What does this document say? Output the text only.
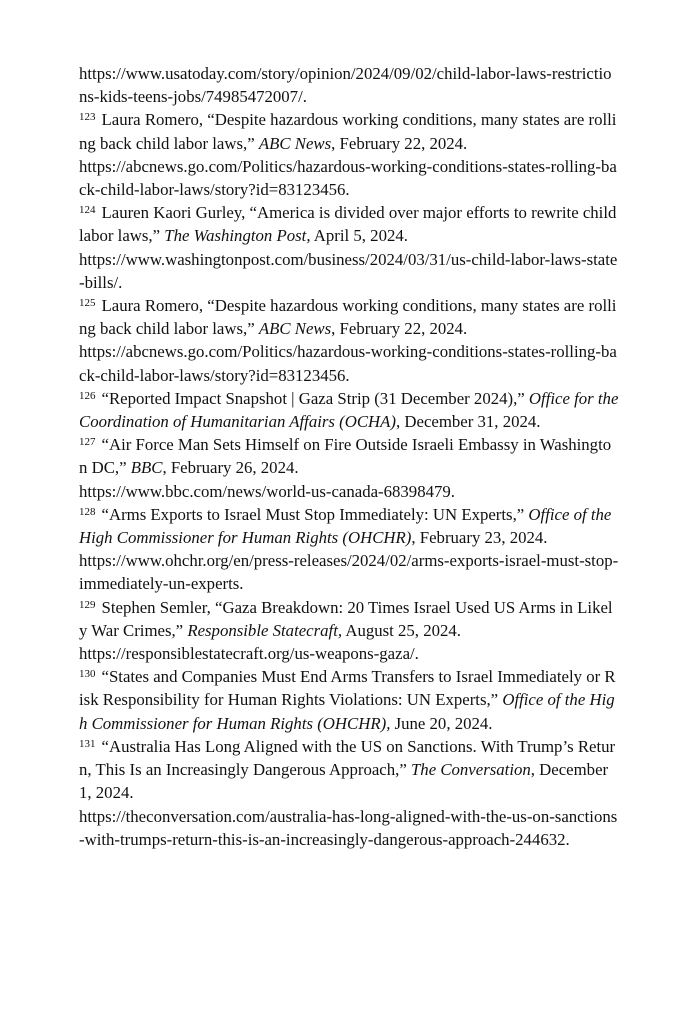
https://www.usatoday.com/story/opinion/2024/09/02/child-labor-laws-restrictions-kids-teens-jobs/74985472007/.

$^{123}$ Laura Romero, “Despite hazardous working conditions, many states are rolling back child labor laws,” ABC News, February 22, 2024.
https://abcnews.go.com/Politics/hazardous-working-conditions-states-rolling-back-child-labor-laws/story?id=83123456.

$^{124}$ Lauren Kaori Gurley, “America is divided over major efforts to rewrite child labor laws,” The Washington Post, April 5, 2024.
https://www.washingtonpost.com/business/2024/03/31/us-child-labor-laws-state-bills/.

$^{125}$ Laura Romero, “Despite hazardous working conditions, many states are rolling back child labor laws,” ABC News, February 22, 2024.
https://abcnews.go.com/Politics/hazardous-working-conditions-states-rolling-back-child-labor-laws/story?id=83123456.

$^{126}$ “Reported Impact Snapshot | Gaza Strip (31 December 2024),” Office for the Coordination of Humanitarian Affairs (OCHA), December 31, 2024.

$^{127}$ “Air Force Man Sets Himself on Fire Outside Israeli Embassy in Washington DC,” BBC, February 26, 2024.
https://www.bbc.com/news/world-us-canada-68398479.

$^{128}$ “Arms Exports to Israel Must Stop Immediately: UN Experts,” Office of the High Commissioner for Human Rights (OHCHR), February 23, 2024.
https://www.ohchr.org/en/press-releases/2024/02/arms-exports-israel-must-stop-immediately-un-experts.

$^{129}$ Stephen Semler, “Gaza Breakdown: 20 Times Israel Used US Arms in Likely War Crimes,” Responsible Statecraft, August 25, 2024.
https://responsiblestatecraft.org/us-weapons-gaza/.

$^{130}$ “States and Companies Must End Arms Transfers to Israel Immediately or Risk Responsibility for Human Rights Violations: UN Experts,” Office of the High Commissioner for Human Rights (OHCHR), June 20, 2024.

$^{131}$ “Australia Has Long Aligned with the US on Sanctions. With Trump’s Return, This Is an Increasingly Dangerous Approach,” The Conversation, December 1, 2024.
https://theconversation.com/australia-has-long-aligned-with-the-us-on-sanctions-with-trumps-return-this-is-an-increasingly-dangerous-approach-244632.
